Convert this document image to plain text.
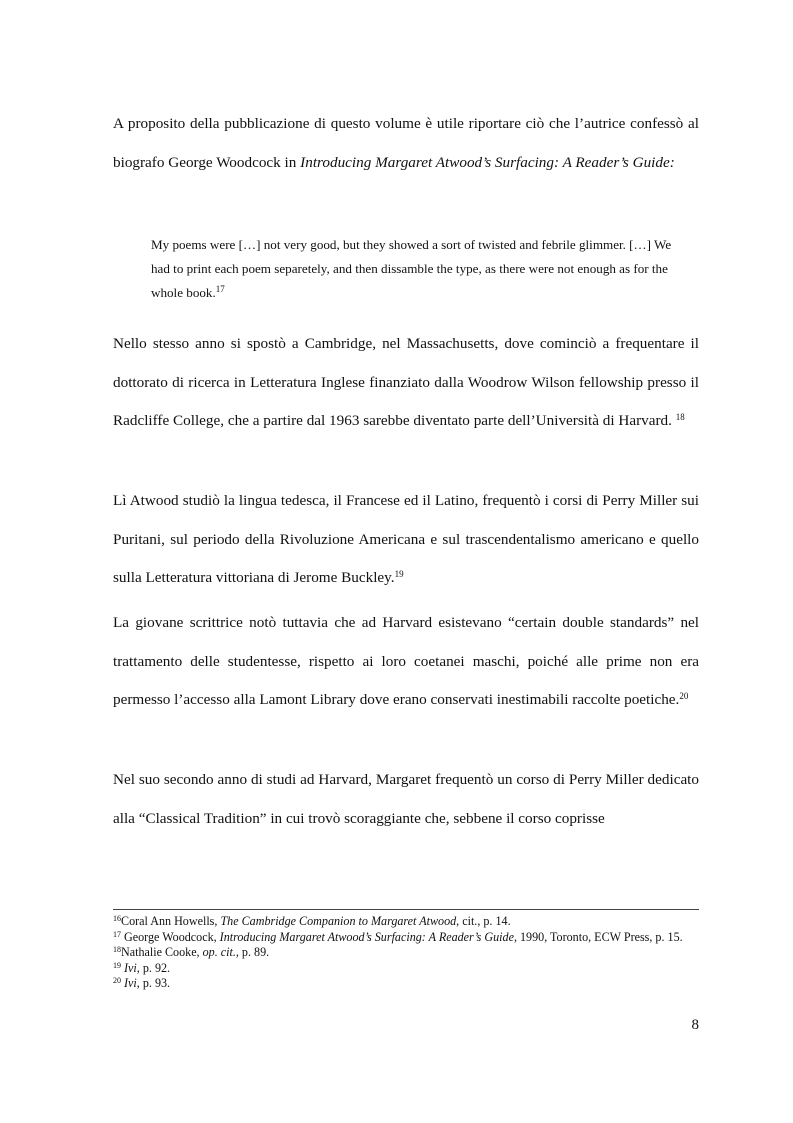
A proposito della pubblicazione di questo volume è utile riportare ciò che l’autrice confessò al biografo George Woodcock in Introducing Margaret Atwood’s Surfacing: A Reader’s Guide:

My poems were […] not very good, but they showed a sort of twisted and febrile glimmer. […] We had to print each poem separetely, and then dissamble the type, as there were not enough as for the whole book.$^{17}$

Nello stesso anno si spostò a Cambridge, nel Massachusetts, dove cominciò a frequentare il dottorato di ricerca in Letteratura Inglese finanziato dalla Woodrow Wilson fellowship presso il Radcliffe College, che a partire dal 1963 sarebbe diventato parte dell’Università di Harvard. $^{18}$

Lì Atwood studiò la lingua tedesca, il Francese ed il Latino, frequentò i corsi di Perry Miller sui Puritani, sul periodo della Rivoluzione Americana e sul trascendentalismo americano e quello sulla Letteratura vittoriana di Jerome Buckley.$^{19}$

La giovane scrittrice notò tuttavia che ad Harvard esistevano “certain double standards” nel trattamento delle studentesse, rispetto ai loro coetanei maschi, poiché alle prime non era permesso l’accesso alla Lamont Library dove erano conservati inestimabili raccolte poetiche.$^{20}$

Nel suo secondo anno di studi ad Harvard, Margaret frequentò un corso di Perry Miller dedicato alla “Classical Tradition” in cui trovò scoraggiante che, sebbene il corso coprisse

$^{16}$Coral Ann Howells, The Cambridge Companion to Margaret Atwood, cit., p. 14.

$^{17}$ George Woodcock, Introducing Margaret Atwood’s Surfacing: A Reader’s Guide, 1990, Toronto, ECW Press, p. 15.

$^{18}$Nathalie Cooke, op. cit., p. 89.

$^{19}$ Ivi, p. 92.

$^{20}$ Ivi, p. 93.

8
